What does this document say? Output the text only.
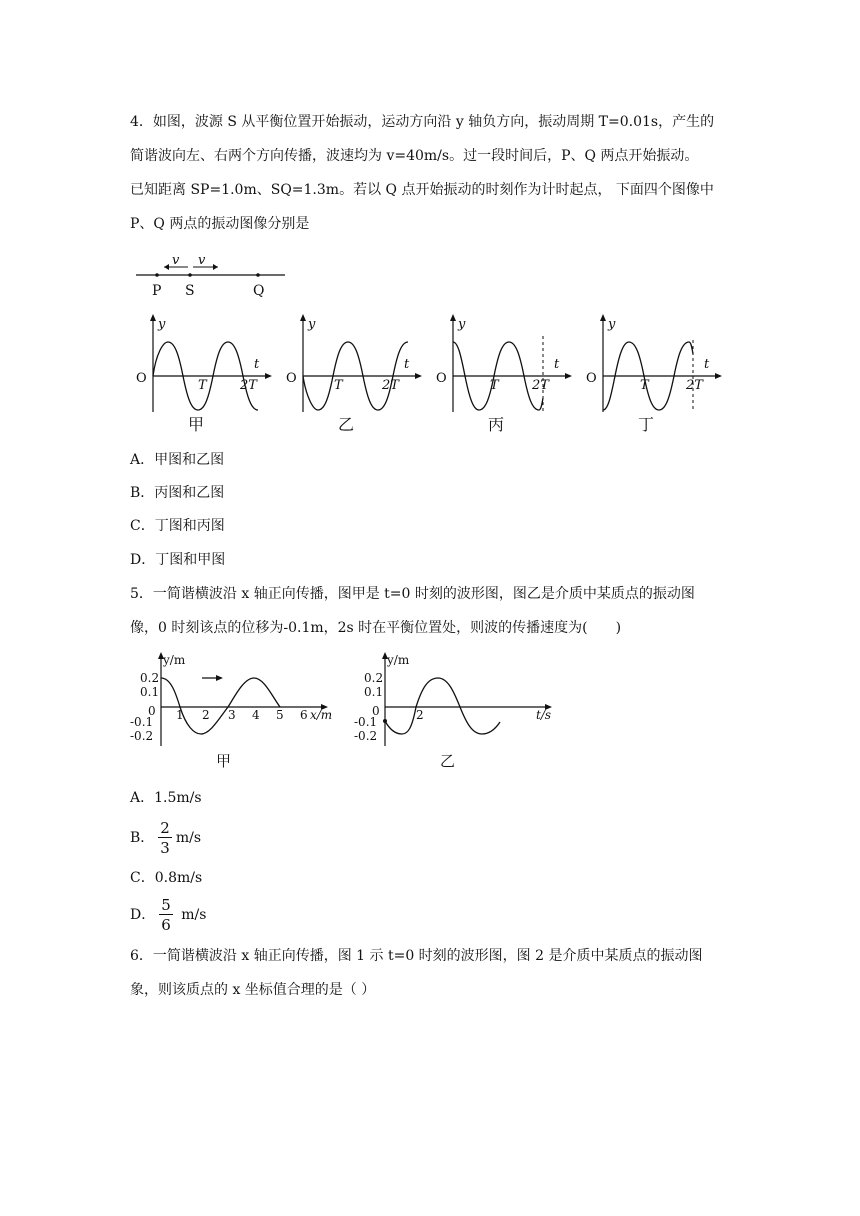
4．如图，波源 S 从平衡位置开始振动，运动方向沿 y 轴负方向，振动周期 T=0.01s，产生的
简谐波向左、右两个方向传播，波速均为 v=40m/s。过一段时间后，P、Q 两点开始振动。
已知距离 SP=1.0m、SQ=1.3m。若以 Q 点开始振动的时刻作为计时起点， 下面四个图像中
P、Q 两点的振动图像分别是
v v
P S	Q
y
t
O	T	2T
甲
y
t
O	T	2T
乙
y
t
O	T	2T
丙
y
t
O	T	2T
丁
A．甲图和乙图
B．丙图和乙图
C．丁图和丙图
D．丁图和甲图
5．一简谐横波沿 x 轴正向传播，图甲是 t=0 时刻的波形图，图乙是介质中某质点的振动图
像，0 时刻该点的位移为-0.1m，2s 时在平衡位置处，则波的传播速度为(　　)
y/m
0.2
0.1
0
-0.1
-0.2
1 2 3 4 5 6 x/m
甲
y/m
0.2
0.1
0
-0.1
-0.2
2	t/s
乙
A．1.5m/s
B． $\frac{2}{3} m/s$
C．0.8m/s
D． $\frac{5}{6} m/s$
6．一简谐横波沿 x 轴正向传播，图 1 示 t=0 时刻的波形图，图 2 是介质中某质点的振动图
象，则该质点的 x 坐标值合理的是（ ）
